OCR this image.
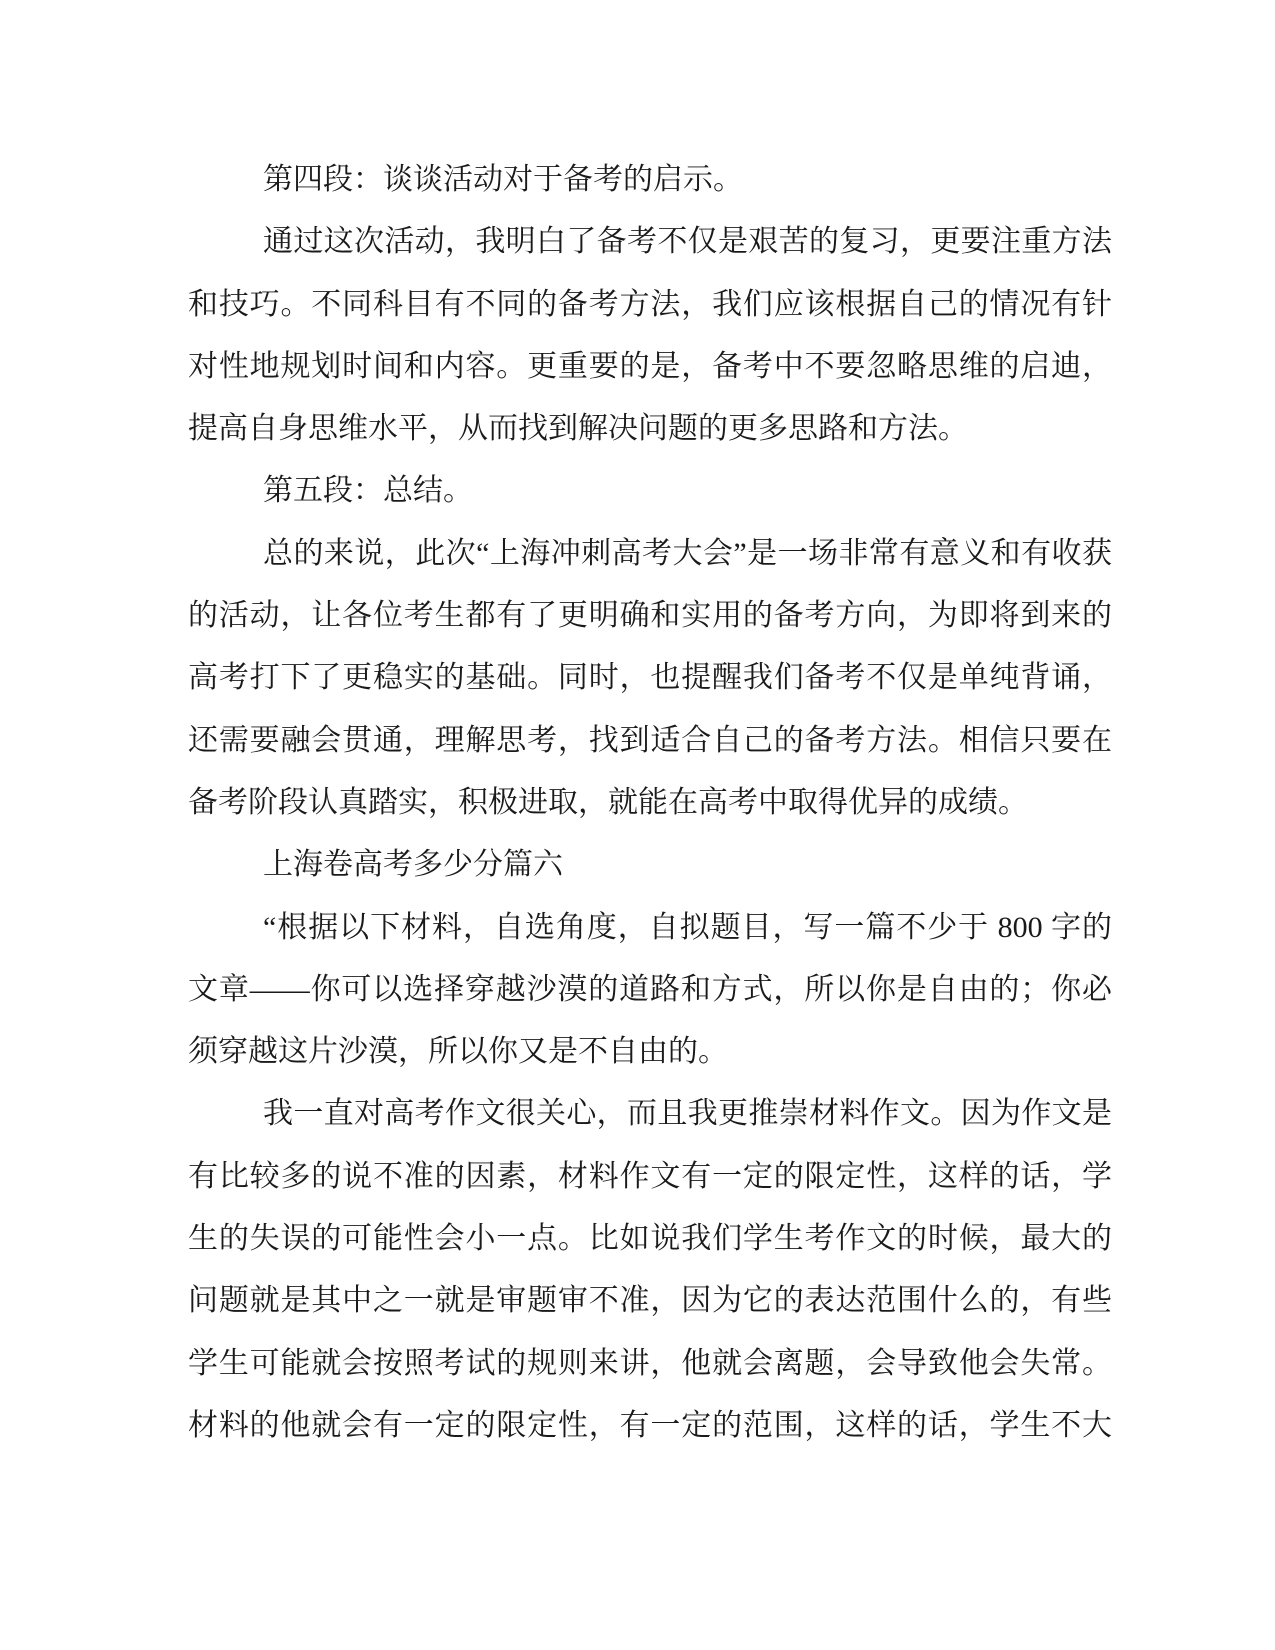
第四段：谈谈活动对于备考的启示。
通过这次活动，我明白了备考不仅是艰苦的复习，更要注重方法
和技巧。不同科目有不同的备考方法，我们应该根据自己的情况有针
对性地规划时间和内容。更重要的是，备考中不要忽略思维的启迪，
提高自身思维水平，从而找到解决问题的更多思路和方法。
第五段：总结。
总的来说，此次“上海冲刺高考大会”是一场非常有意义和有收获
的活动，让各位考生都有了更明确和实用的备考方向，为即将到来的
高考打下了更稳实的基础。同时，也提醒我们备考不仅是单纯背诵，
还需要融会贯通，理解思考，找到适合自己的备考方法。相信只要在
备考阶段认真踏实，积极进取，就能在高考中取得优异的成绩。
上海卷高考多少分篇六
“根据以下材料，自选角度，自拟题目，写一篇不少于 800 字的
文章——你可以选择穿越沙漠的道路和方式，所以你是自由的；你必
须穿越这片沙漠，所以你又是不自由的。
我一直对高考作文很关心，而且我更推崇材料作文。因为作文是
有比较多的说不准的因素，材料作文有一定的限定性，这样的话，学
生的失误的可能性会小一点。比如说我们学生考作文的时候，最大的
问题就是其中之一就是审题审不准，因为它的表达范围什么的，有些
学生可能就会按照考试的规则来讲，他就会离题，会导致他会失常。
材料的他就会有一定的限定性，有一定的范围，这样的话，学生不大
